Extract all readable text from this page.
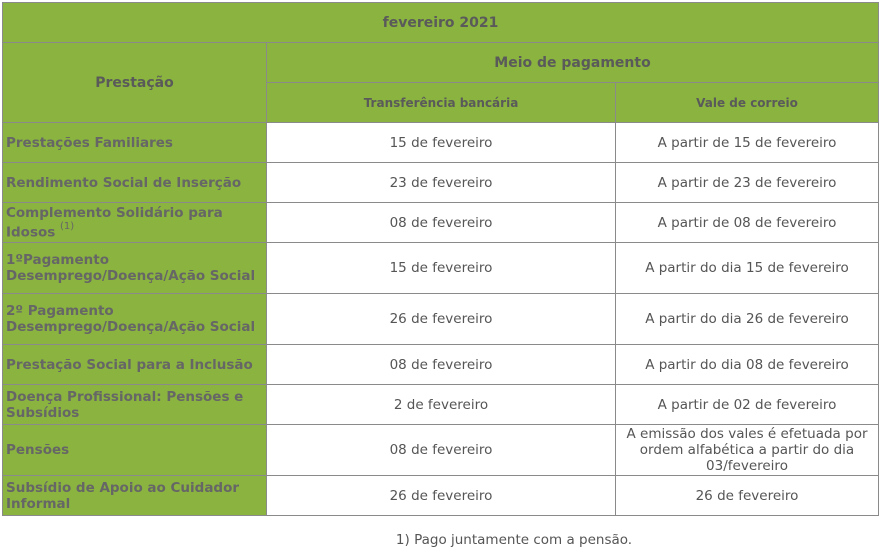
fevereiro 2021		
Prestação	Meio de pagamento	
	Transferência bancária	Vale de correio
Prestações Familiares	15 de fevereiro	A partir de 15 de fevereiro
Rendimento Social de Inserção	23 de fevereiro	A partir de 23 de fevereiro
Complemento Solidário para Idosos $^{(1)}$	08 de fevereiro	A partir de 08 de fevereiro
1ºPagamento Desemprego/Doença/Ação Social	15 de fevereiro	A partir do dia 15 de fevereiro
2º Pagamento Desemprego/Doença/Ação Social	26 de fevereiro	A partir do dia 26 de fevereiro
Prestação Social para a Inclusão	08 de fevereiro	A partir do dia 08 de fevereiro
Doença Profissional: Pensões e Subsídios	2 de fevereiro	A partir de 02 de fevereiro
Pensões	08 de fevereiro	A emissão dos vales é efetuada por ordem alfabética a partir do dia 03/fevereiro
Subsídio de Apoio ao Cuidador Informal	26 de fevereiro	26 de fevereiro
1) Pago juntamente com a pensão.
